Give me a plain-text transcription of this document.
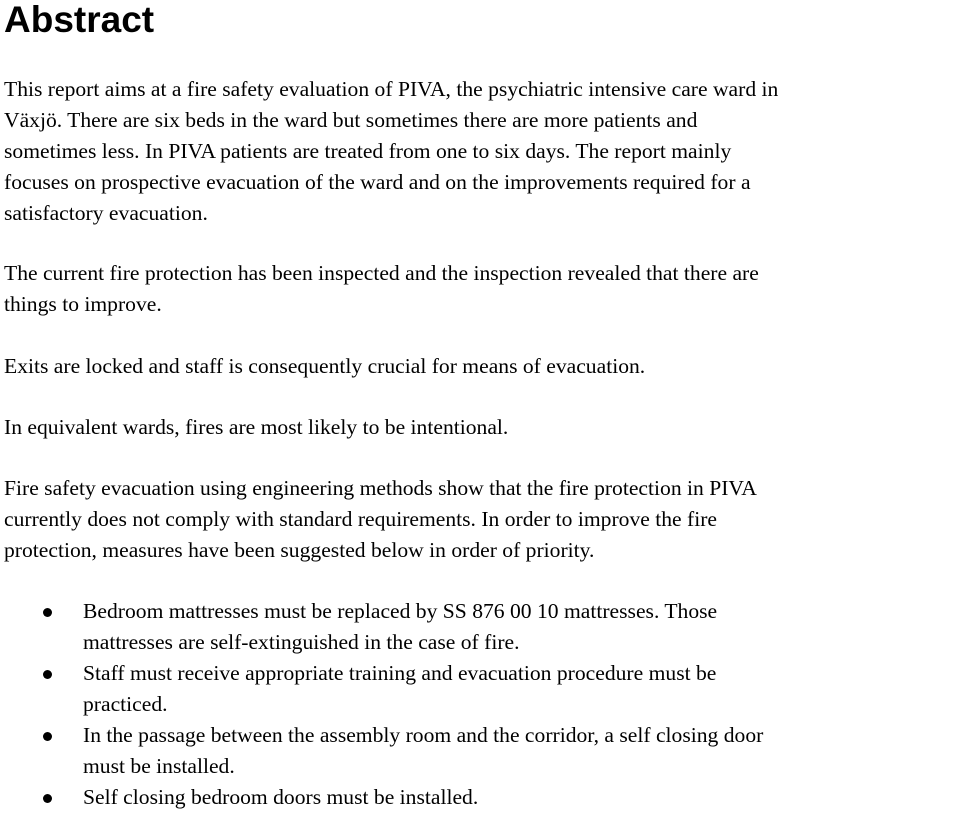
Abstract

This report aims at a fire safety evaluation of PIVA, the psychiatric intensive care ward in
Växjö. There are six beds in the ward but sometimes there are more patients and
sometimes less. In PIVA patients are treated from one to six days. The report mainly
focuses on prospective evacuation of the ward and on the improvements required for a
satisfactory evacuation.

The current fire protection has been inspected and the inspection revealed that there are
things to improve.

Exits are locked and staff is consequently crucial for means of evacuation.

In equivalent wards, fires are most likely to be intentional.

Fire safety evacuation using engineering methods show that the fire protection in PIVA
currently does not comply with standard requirements. In order to improve the fire
protection, measures have been suggested below in order of priority.

Bedroom mattresses must be replaced by SS 876 00 10 mattresses. Those
mattresses are self-extinguished in the case of fire.
Staff must receive appropriate training and evacuation procedure must be
practiced.
In the passage between the assembly room and the corridor, a self closing door
must be installed.
Self closing bedroom doors must be installed.
